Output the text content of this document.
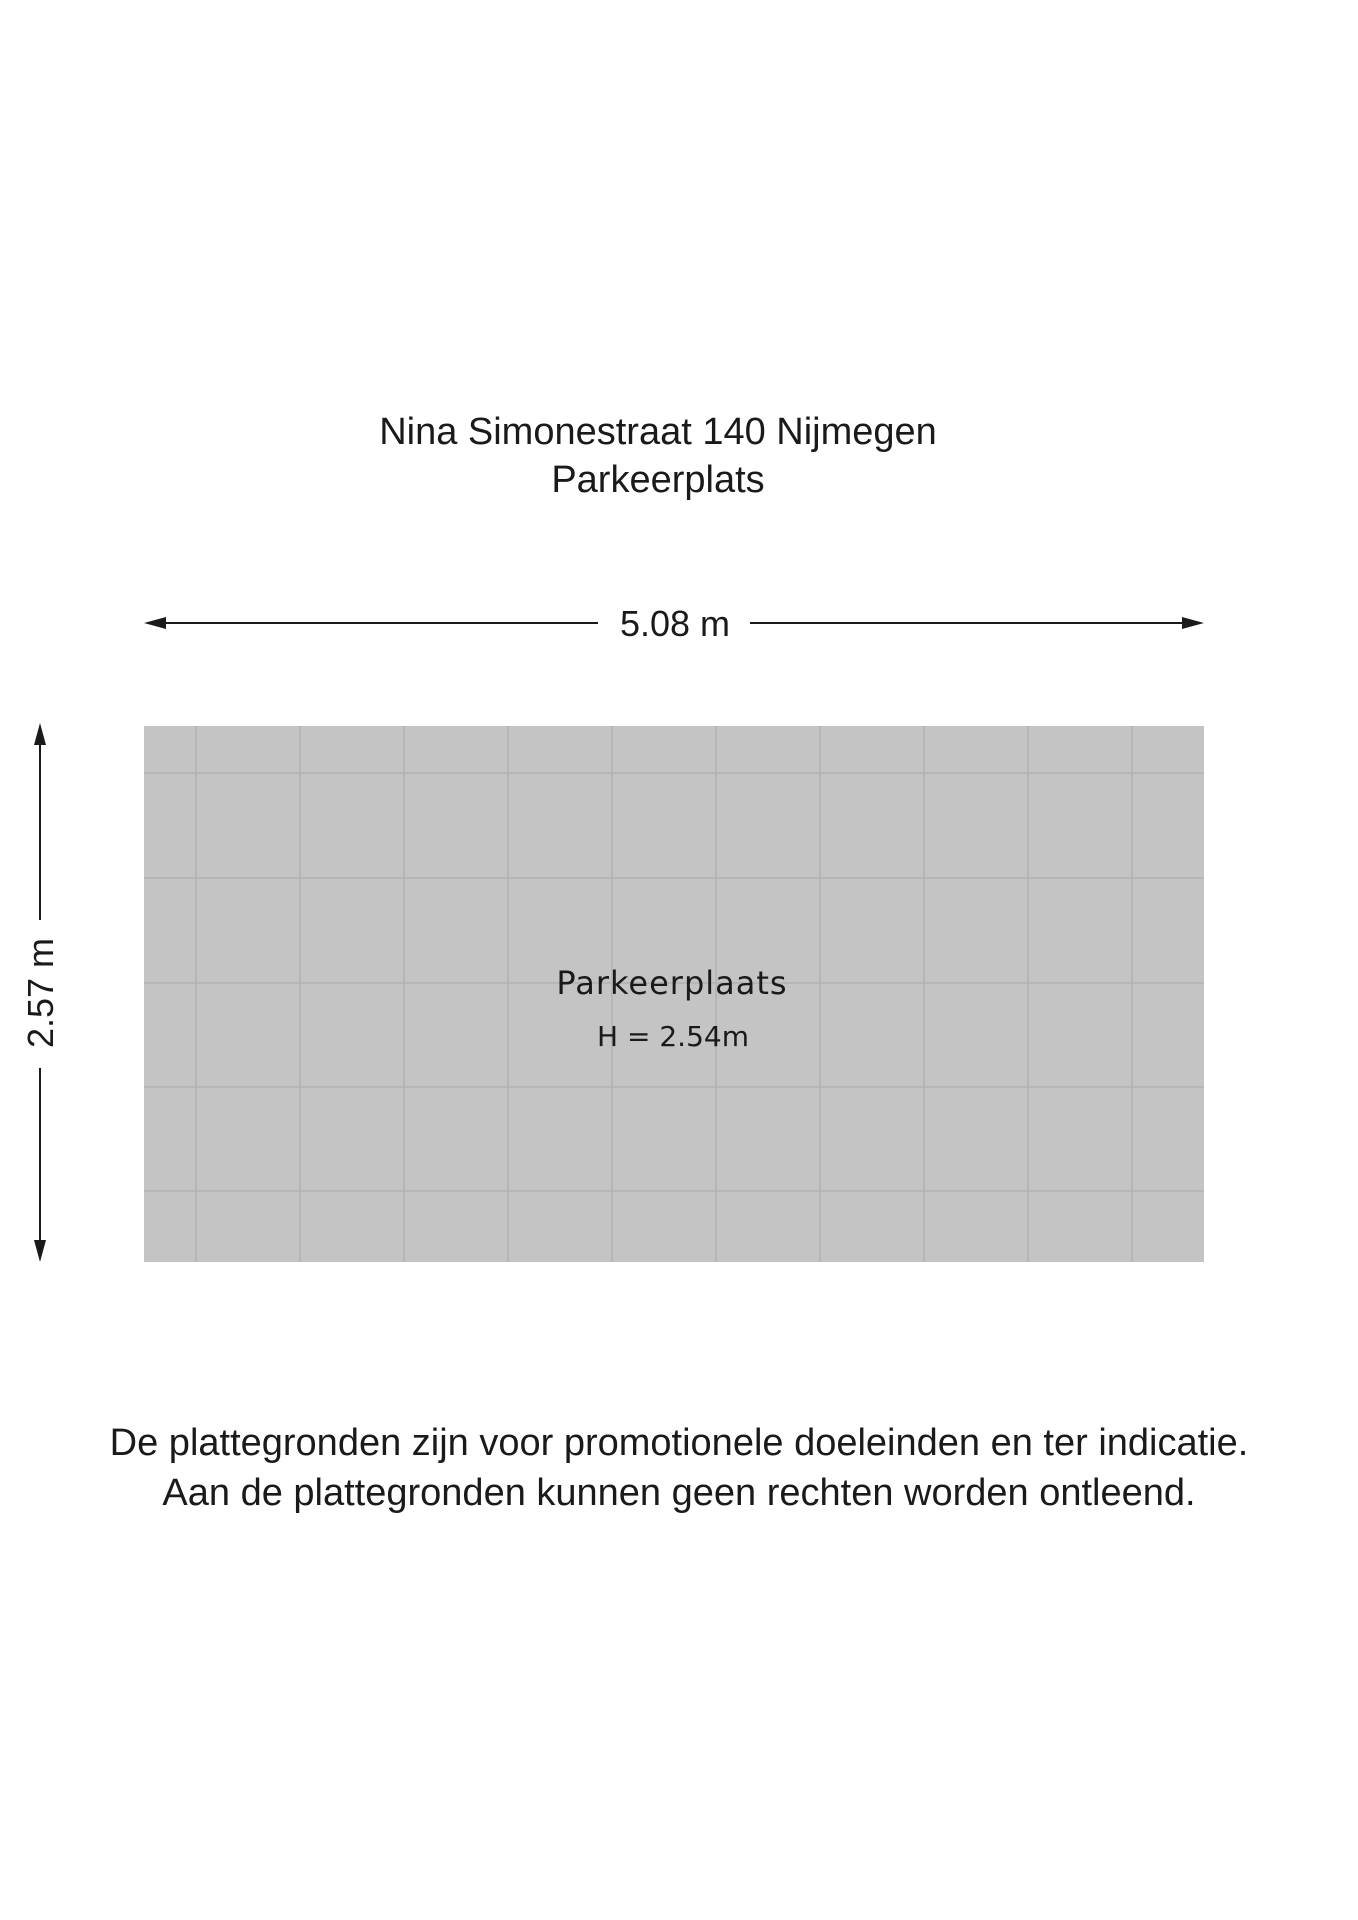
Nina Simonestraat 140 Nijmegen
Parkeerplats
5.08 m
2.57 m	Parkeerplaats
H = 2.54m
De plattegronden zijn voor promotionele doeleinden en ter indicatie.
Aan de plattegronden kunnen geen rechten worden ontleend.
